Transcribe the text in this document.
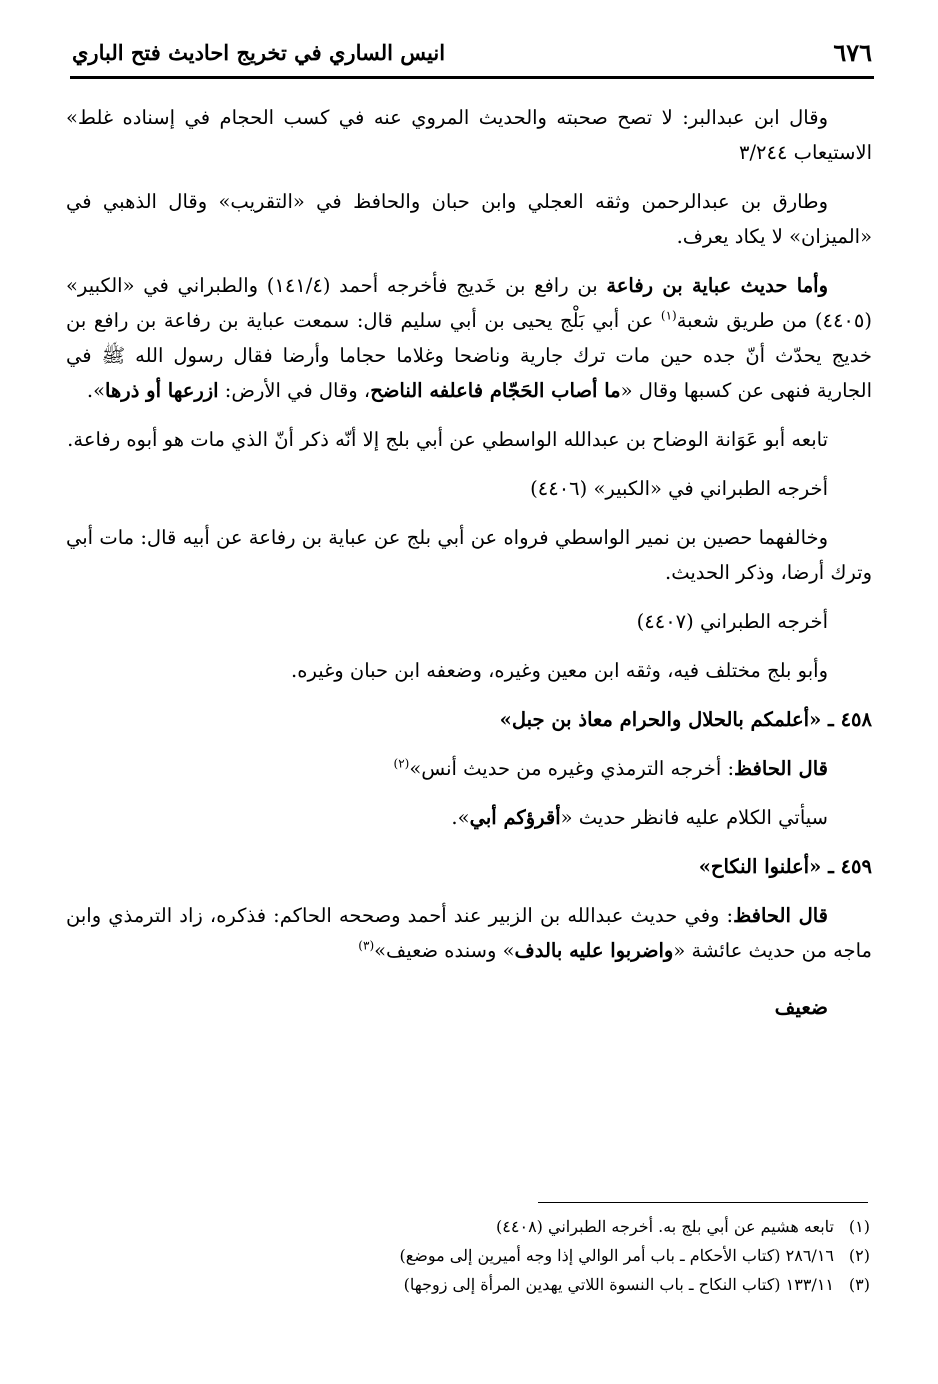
٦٧٦
انيس الساري في تخريج احاديث فتح الباري

وقال ابن عبدالبر: لا تصح صحبته والحديث المروي عنه في كسب الحجام في إسناده غلط» الاستيعاب ٣/٢٤٤

وطارق بن عبدالرحمن وثقه العجلي وابن حبان والحافظ في «التقريب» وقال الذهبي في «الميزان» لا يكاد يعرف.

وأما حديث عباية بن رفاعة بن رافع بن خَديج فأخرجه أحمد (١٤١/٤) والطبراني في «الكبير» (٤٤٠٥) من طريق شعبة$^{(١)}$ عن أبي بَلْج يحيى بن أبي سليم قال: سمعت عباية بن رفاعة بن رافع بن خديج يحدّث أنّ جده حين مات ترك جارية وناضحا وغلاما حجاما وأرضا فقال رسول الله ﷺ في الجارية فنهى عن كسبها وقال «ما أصاب الحَجّام فاعلفه الناضح، وقال في الأرض: ازرعها أو ذرها».

تابعه أبو عَوَانة الوضاح بن عبدالله الواسطي عن أبي بلج إلا أنّه ذكر أنّ الذي مات هو أبوه رفاعة.

أخرجه الطبراني في «الكبير» (٤٤٠٦)

وخالفهما حصين بن نمير الواسطي فرواه عن أبي بلج عن عباية بن رفاعة عن أبيه قال: مات أبي وترك أرضا، وذكر الحديث.

أخرجه الطبراني (٤٤٠٧)

وأبو بلج مختلف فيه، وثقه ابن معين وغيره، وضعفه ابن حبان وغيره.

٤٥٨ ـ «أعلمكم بالحلال والحرام معاذ بن جبل»

قال الحافظ: أخرجه الترمذي وغيره من حديث أنس»$^{(٢)}$

سيأتي الكلام عليه فانظر حديث «أقرؤكم أبي».

٤٥٩ ـ «أعلنوا النكاح»

قال الحافظ: وفي حديث عبدالله بن الزبير عند أحمد وصححه الحاكم: فذكره، زاد الترمذي وابن ماجه من حديث عائشة «واضربوا عليه بالدف» وسنده ضعيف»$^{(٣)}$

ضعيف

(١)تابعه هشيم عن أبي بلج به. أخرجه الطبراني (٤٤٠٨)
(٢)٢٨٦/١٦ (كتاب الأحكام ـ باب أمر الوالي إذا وجه أميرين إلى موضع)
(٣)١٣٣/١١ (كتاب النكاح ـ باب النسوة اللاتي يهدين المرأة إلى زوجها)
